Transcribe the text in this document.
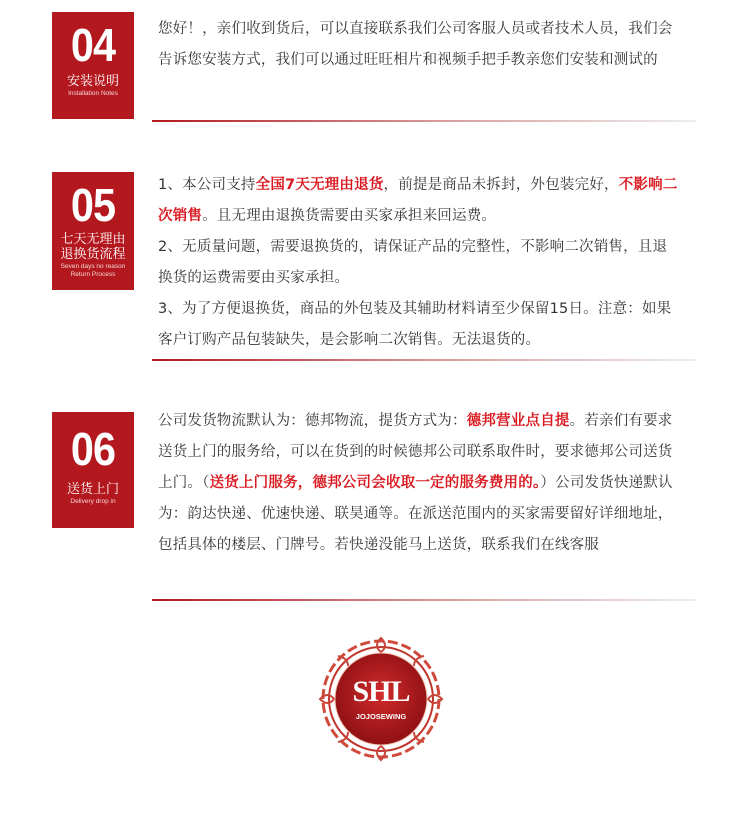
04
安装说明
Installation Notes
您好！，亲们收到货后，可以直接联系我们公司客服人员或者技术人员，我们会告诉您安装方式，我们可以通过旺旺相片和视频手把手教亲您们安装和测试的
05
七天无理由
退换货流程
Seven days no reason
Return Process
1、本公司支持全国7天无理由退货，前提是商品未拆封，外包装完好，不影响二次销售。且无理由退换货需要由买家承担来回运费。
2、无质量问题，需要退换货的，请保证产品的完整性，不影响二次销售，且退换货的运费需要由买家承担。
3、为了方便退换货，商品的外包装及其辅助材料请至少保留15日。注意：如果客户订购产品包装缺失，是会影响二次销售。无法退货的。
06
送货上门
Delivery drop in
公司发货物流默认为：德邦物流，提货方式为：德邦营业点自提。若亲们有要求送货上门的服务给，可以在货到的时候德邦公司联系取件时，要求德邦公司送货上门。（送货上门服务，德邦公司会收取一定的服务费用的。）公司发货快递默认为：韵达快递、优速快递、联昊通等。在派送范围内的买家需要留好详细地址，包括具体的楼层、门牌号。若快递没能马上送货，联系我们在线客服
SHL
JOJOSEWING
